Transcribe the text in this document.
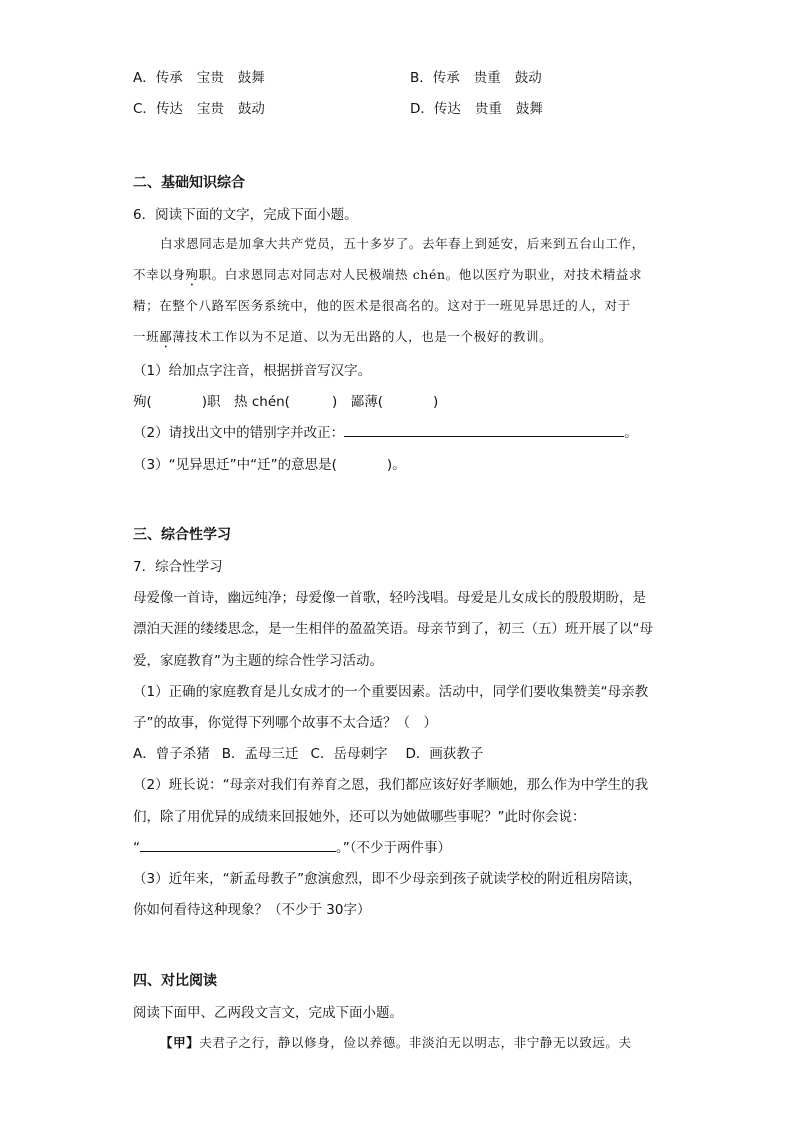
A．传承 宝贵 鼓舞	B．传承 贵重 鼓动
C．传达 宝贵 鼓动	D．传达 贵重 鼓舞
二、基础知识综合
6．阅读下面的文字，完成下面小题。
白求恩同志是加拿大共产党员，五十多岁了。去年春上到延安，后来到五台山工作，
不幸以身殉职。白求恩同志对同志对人民极端热 chén。他以医疗为职业，对技术精益求
精；在整个八路军医务系统中，他的医术是很高名的。这对于一班见异思迁的人，对于
一班鄙薄技术工作以为不足道、以为无出路的人，也是一个极好的教训。
（1）给加点字注音，根据拼音写汉字。
殉(	)职　热 chén(	)　鄙薄(	)
（2）请找出文中的错别字并改正：	。
（3）“见异思迁”中“迁”的意思是(	)。
三、综合性学习
7．综合性学习
母爱像一首诗，幽远纯净；母爱像一首歌，轻吟浅唱。母爱是儿女成长的殷殷期盼，是
漂泊天涯的缕缕思念，是一生相伴的盈盈笑语。母亲节到了，初三（五）班开展了以“母
爱，家庭教育”为主题的综合性学习活动。
（1）正确的家庭教育是儿女成才的一个重要因素。活动中，同学们要收集赞美“母亲教
子”的故事，你觉得下列哪个故事不太合适？（　）
A．曾子杀猪 B．孟母三迁 C．岳母刺字 D．画荻教子
（2）班长说：“母亲对我们有养育之恩，我们都应该好好孝顺她，那么作为中学生的我
们，除了用优异的成绩来回报她外，还可以为她做哪些事呢？”此时你会说：
“	。”（不少于两件事）
（3）近年来，“新孟母教子”愈演愈烈，即不少母亲到孩子就读学校的附近租房陪读，
你如何看待这种现象？（不少于 30字）
四、对比阅读
阅读下面甲、乙两段文言文，完成下面小题。
【甲】夫君子之行，静以修身，俭以养德。非淡泊无以明志，非宁静无以致远。夫
